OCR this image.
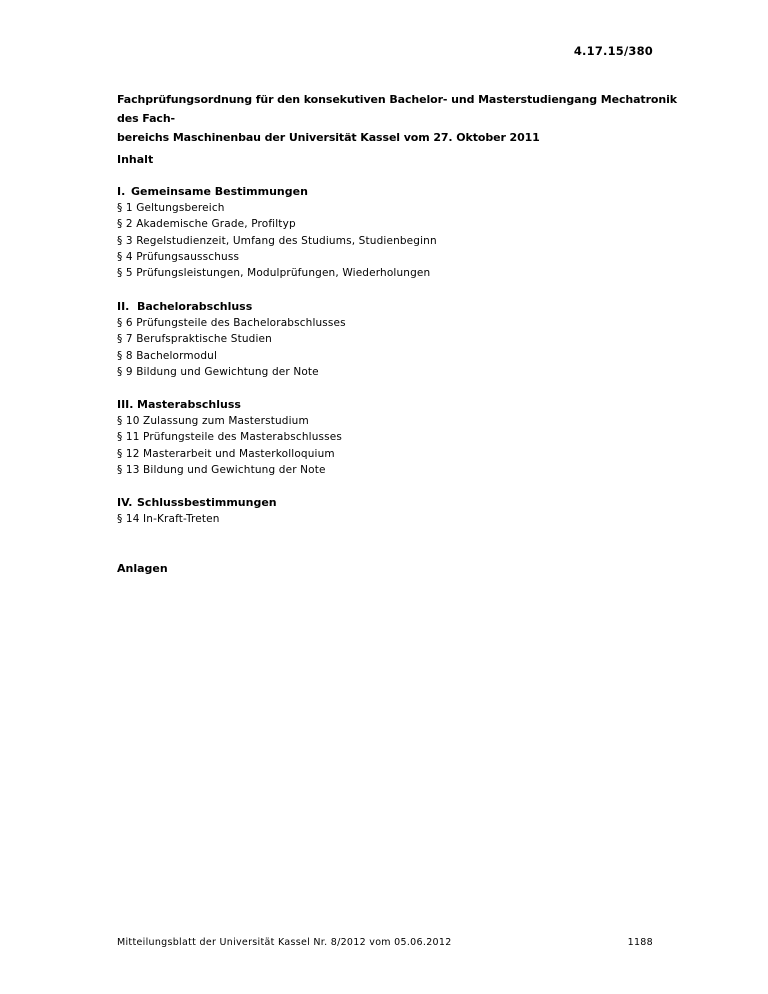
4.17.15/380
Fachprüfungsordnung für den konsekutiven Bachelor- und Masterstudiengang Mechatronik des Fach-
bereichs Maschinenbau der Universität Kassel vom 27. Oktober 2011
Inhalt
I. Gemeinsame Bestimmungen
§ 1 Geltungsbereich
§ 2 Akademische Grade, Profiltyp
§ 3 Regelstudienzeit, Umfang des Studiums, Studienbeginn
§ 4 Prüfungsausschuss
§ 5 Prüfungsleistungen, Modulprüfungen, Wiederholungen
II. Bachelorabschluss
§ 6 Prüfungsteile des Bachelorabschlusses
§ 7 Berufspraktische Studien
§ 8 Bachelormodul
§ 9 Bildung und Gewichtung der Note
III. Masterabschluss
§ 10 Zulassung zum Masterstudium
§ 11 Prüfungsteile des Masterabschlusses
§ 12 Masterarbeit und Masterkolloquium
§ 13 Bildung und Gewichtung der Note
IV. Schlussbestimmungen
§ 14 In-Kraft-Treten
Anlagen
Mitteilungsblatt der Universität Kassel Nr. 8/2012 vom 05.06.2012	1188
